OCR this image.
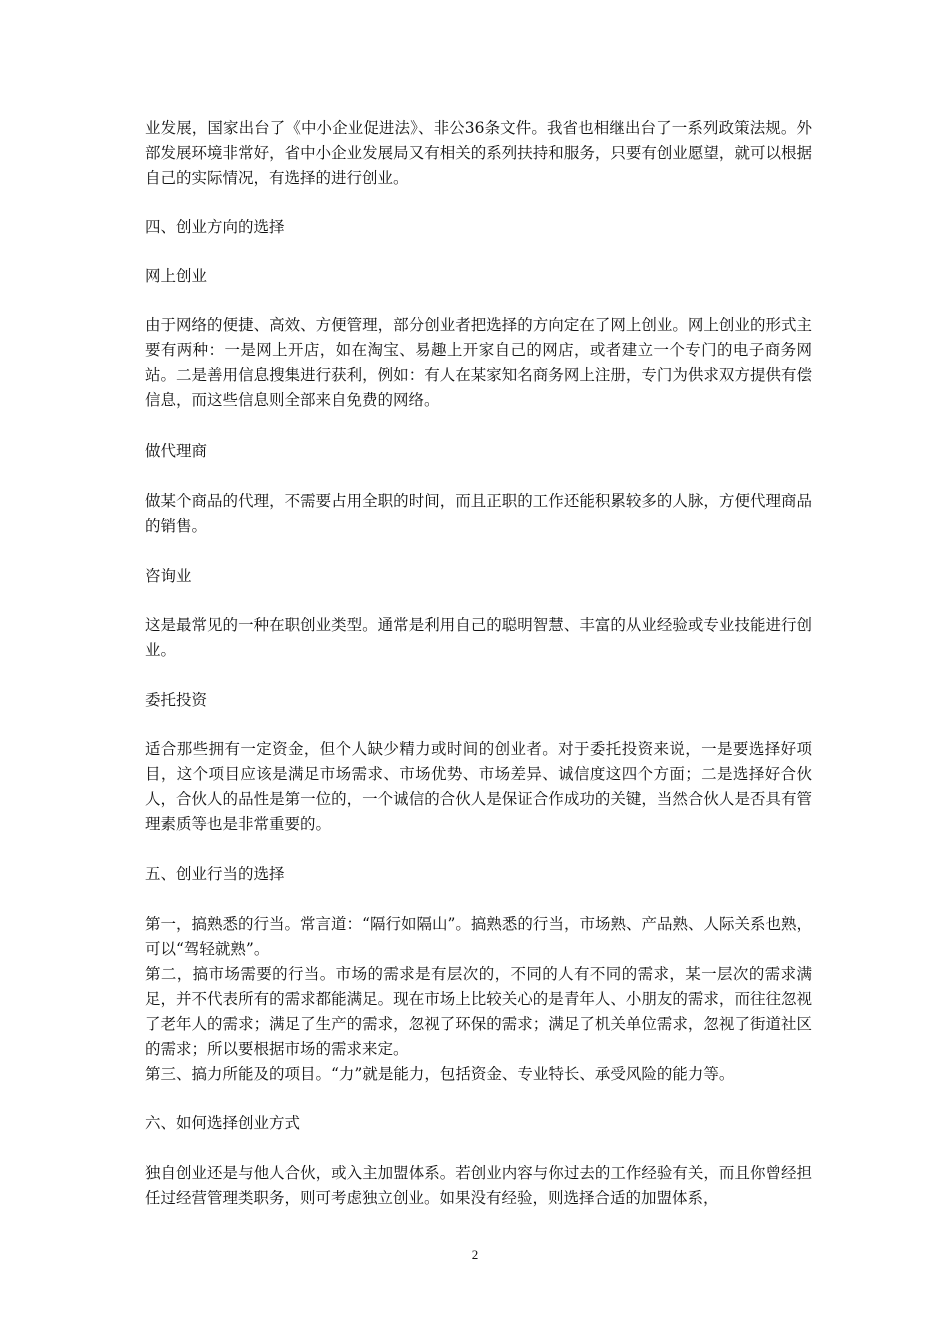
业发展，国家出台了《中小企业促进法》、非公36条文件。我省也相继出台了一系列政策法规。外部发展环境非常好，省中小企业发展局又有相关的系列扶持和服务，只要有创业愿望，就可以根据自己的实际情况，有选择的进行创业。
四、创业方向的选择
网上创业
由于网络的便捷、高效、方便管理，部分创业者把选择的方向定在了网上创业。网上创业的形式主要有两种：一是网上开店，如在淘宝、易趣上开家自己的网店，或者建立一个专门的电子商务网站。二是善用信息搜集进行获利，例如：有人在某家知名商务网上注册，专门为供求双方提供有偿信息，而这些信息则全部来自免费的网络。
做代理商
做某个商品的代理，不需要占用全职的时间，而且正职的工作还能积累较多的人脉，方便代理商品的销售。
咨询业
这是最常见的一种在职创业类型。通常是利用自己的聪明智慧、丰富的从业经验或专业技能进行创业。
委托投资
适合那些拥有一定资金，但个人缺少精力或时间的创业者。对于委托投资来说，一是要选择好项目，这个项目应该是满足市场需求、市场优势、市场差异、诚信度这四个方面；二是选择好合伙人，合伙人的品性是第一位的，一个诚信的合伙人是保证合作成功的关键，当然合伙人是否具有管理素质等也是非常重要的。
五、创业行当的选择
第一，搞熟悉的行当。常言道：“隔行如隔山”。搞熟悉的行当，市场熟、产品熟、人际关系也熟，可以“驾轻就熟”。
第二，搞市场需要的行当。市场的需求是有层次的，不同的人有不同的需求，某一层次的需求满足，并不代表所有的需求都能满足。现在市场上比较关心的是青年人、小朋友的需求，而往往忽视了老年人的需求；满足了生产的需求，忽视了环保的需求；满足了机关单位需求，忽视了街道社区的需求；所以要根据市场的需求来定。
第三、搞力所能及的项目。“力”就是能力，包括资金、专业特长、承受风险的能力等。
六、如何选择创业方式
独自创业还是与他人合伙，或入主加盟体系。若创业内容与你过去的工作经验有关，而且你曾经担任过经营管理类职务，则可考虑独立创业。如果没有经验，则选择合适的加盟体系，
2
